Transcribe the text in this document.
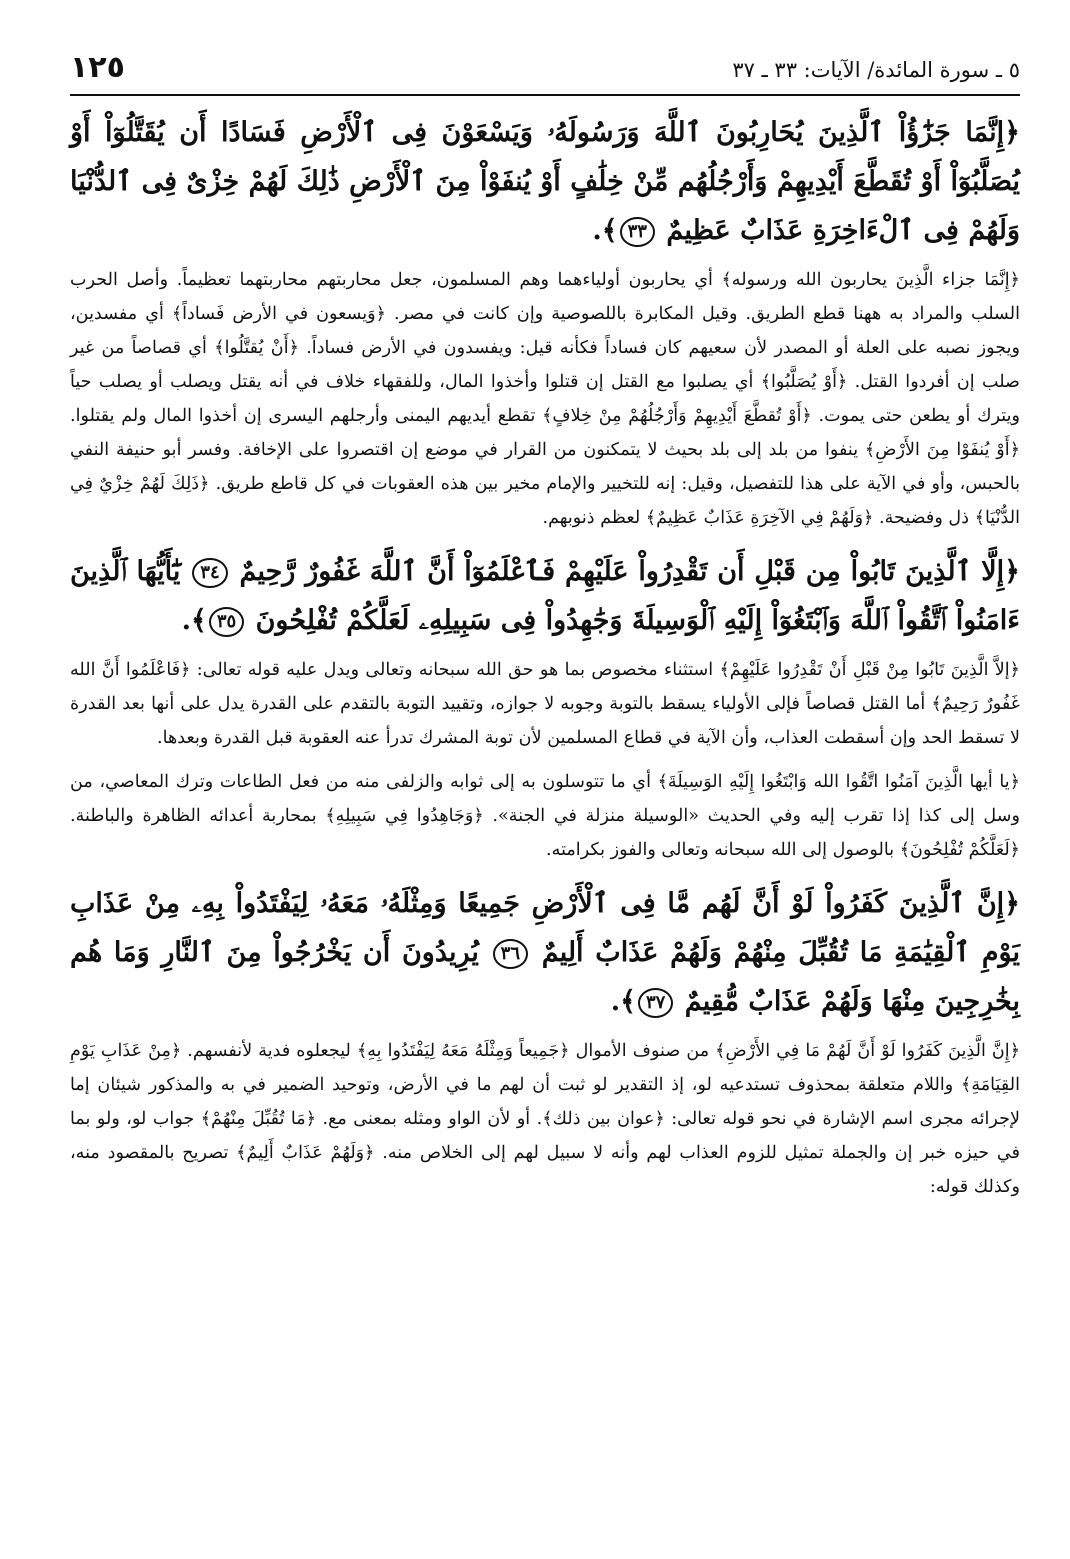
٥ ـ سورة المائدة/ الآيات: ٣٣ ـ ٣٧
١٢٥
﴿إِنَّمَا جَزَٰٓؤُاْ ٱلَّذِينَ يُحَارِبُونَ ٱللَّهَ وَرَسُولَهُۥ وَيَسْعَوْنَ فِى ٱلْأَرْضِ فَسَادًا أَن يُقَتَّلُوٓاْ أَوْ يُصَلَّبُوٓاْ أَوْ تُقَطَّعَ أَيْدِيهِمْ وَأَرْجُلُهُم مِّنْ خِلَٰفٍ أَوْ يُنفَوْاْ مِنَ ٱلْأَرْضِ ذَٰلِكَ لَهُمْ خِزْىٌ فِى ٱلدُّنْيَا وَلَهُمْ فِى ٱلْءَاخِرَةِ عَذَابٌ عَظِيمٌ ٣٣﴾.
﴿إِنَّمَا جزاء الَّذِينَ يحاربون الله ورسوله﴾ أي يحاربون أولياءهما وهم المسلمون، جعل محاربتهم محاربتهما تعظيماً. وأصل الحرب السلب والمراد به ههنا قطع الطريق. وقيل المكابرة باللصوصية وإن كانت في مصر. ﴿وَيسعون في الأرض فَساداً﴾ أي مفسدين، ويجوز نصبه على العلة أو المصدر لأن سعيهم كان فساداً فكأنه قيل: ويفسدون في الأرض فساداً. ﴿أَنْ يُقتَّلُوا﴾ أي قصاصاً من غير صلب إن أفردوا القتل. ﴿أَوْ يُصَلَّبُوا﴾ أي يصلبوا مع القتل إن قتلوا وأخذوا المال، وللفقهاء خلاف في أنه يقتل ويصلب أو يصلب حياً ويترك أو يطعن حتى يموت. ﴿أَوْ تُقطَّعَ أَيْدِيهِمْ وَأَرْجُلُهُمْ مِنْ خِلافٍ﴾ تقطع أيديهم اليمنى وأرجلهم اليسرى إن أخذوا المال ولم يقتلوا. ﴿أَوْ يُنفَوْا مِنَ الأَرْضِ﴾ ينفوا من بلد إلى بلد بحيث لا يتمكنون من القرار في موضع إن اقتصروا على الإخافة. وفسر أبو حنيفة النفي بالحبس، وأو في الآية على هذا للتفصيل، وقيل: إنه للتخيير والإمام مخير بين هذه العقوبات في كل قاطع طريق. ﴿ذَلِكَ لَهُمْ خِزْيٌ فِي الدُّنْيَا﴾ ذل وفضيحة. ﴿وَلَهُمْ فِي الآخِرَةِ عَذَابٌ عَظِيمٌ﴾ لعظم ذنوبهم.
﴿إِلَّا ٱلَّذِينَ تَابُواْ مِن قَبْلِ أَن تَقْدِرُواْ عَلَيْهِمْ فَٱعْلَمُوٓاْ أَنَّ ٱللَّهَ غَفُورٌ رَّحِيمٌ ٣٤ يَٰٓأَيُّهَا ٱلَّذِينَ ءَامَنُواْ ٱتَّقُواْ ٱللَّهَ وَٱبْتَغُوٓاْ إِلَيْهِ ٱلْوَسِيلَةَ وَجَٰهِدُواْ فِى سَبِيلِهِۦ لَعَلَّكُمْ تُفْلِحُونَ ٣٥﴾.
﴿إلاَّ الَّذِينَ تَابُوا مِنْ قَبْلِ أَنْ تَقْدِرُوا عَلَيْهِمْ﴾ استثناء مخصوص بما هو حق الله سبحانه وتعالى ويدل عليه قوله تعالى: ﴿فَاعْلَمُوا أَنَّ الله غَفُورٌ رَحِيمٌ﴾ أما القتل قصاصاً فإلى الأولياء يسقط بالتوبة وجوبه لا جوازه، وتقييد التوبة بالتقدم على القدرة يدل على أنها بعد القدرة لا تسقط الحد وإن أسقطت العذاب، وأن الآية في قطاع المسلمين لأن توبة المشرك تدرأ عنه العقوبة قبل القدرة وبعدها.
﴿يا أيها الَّذِينَ آمَنُوا اتَّقُوا الله وَابْتَغُوا إِلَيْهِ الوَسِيلَةَ﴾ أي ما تتوسلون به إلى ثوابه والزلفى منه من فعل الطاعات وترك المعاصي، من وسل إلى كذا إذا تقرب إليه وفي الحديث «الوسيلة منزلة في الجنة». ﴿وَجَاهِدُوا فِي سَبِيلِهِ﴾ بمحاربة أعدائه الظاهرة والباطنة. ﴿لَعَلَّكُمْ تُفْلِحُونَ﴾ بالوصول إلى الله سبحانه وتعالى والفوز بكرامته.
﴿إِنَّ ٱلَّذِينَ كَفَرُواْ لَوْ أَنَّ لَهُم مَّا فِى ٱلْأَرْضِ جَمِيعًا وَمِثْلَهُۥ مَعَهُۥ لِيَفْتَدُواْ بِهِۦ مِنْ عَذَابِ يَوْمِ ٱلْقِيَٰمَةِ مَا تُقُبِّلَ مِنْهُمْ وَلَهُمْ عَذَابٌ أَلِيمٌ ٣٦ يُرِيدُونَ أَن يَخْرُجُواْ مِنَ ٱلنَّارِ وَمَا هُم بِخَٰرِجِينَ مِنْهَا وَلَهُمْ عَذَابٌ مُّقِيمٌ ٣٧﴾.
﴿إِنَّ الَّذِينَ كَفَرُوا لَوْ أَنَّ لَهُمْ مَا فِي الأَرْضِ﴾ من صنوف الأموال ﴿جَمِيعاً وَمِثْلَهُ مَعَهُ لِيَفْتَدُوا بِهِ﴾ ليجعلوه فدية لأنفسهم. ﴿مِنْ عَذَابِ يَوْمِ القِيَامَةِ﴾ واللام متعلقة بمحذوف تستدعيه لو، إذ التقدير لو ثبت أن لهم ما في الأرض، وتوحيد الضمير في به والمذكور شيئان إما لإجرائه مجرى اسم الإشارة في نحو قوله تعالى: ﴿عوان بين ذلك﴾. أو لأن الواو ومثله بمعنى مع. ﴿مَا تُقُبِّلَ مِنْهُمْ﴾ جواب لو، ولو بما في حيزه خبر إن والجملة تمثيل للزوم العذاب لهم وأنه لا سبيل لهم إلى الخلاص منه. ﴿وَلَهُمْ عَذَابٌ أَلِيمٌ﴾ تصريح بالمقصود منه، وكذلك قوله:
